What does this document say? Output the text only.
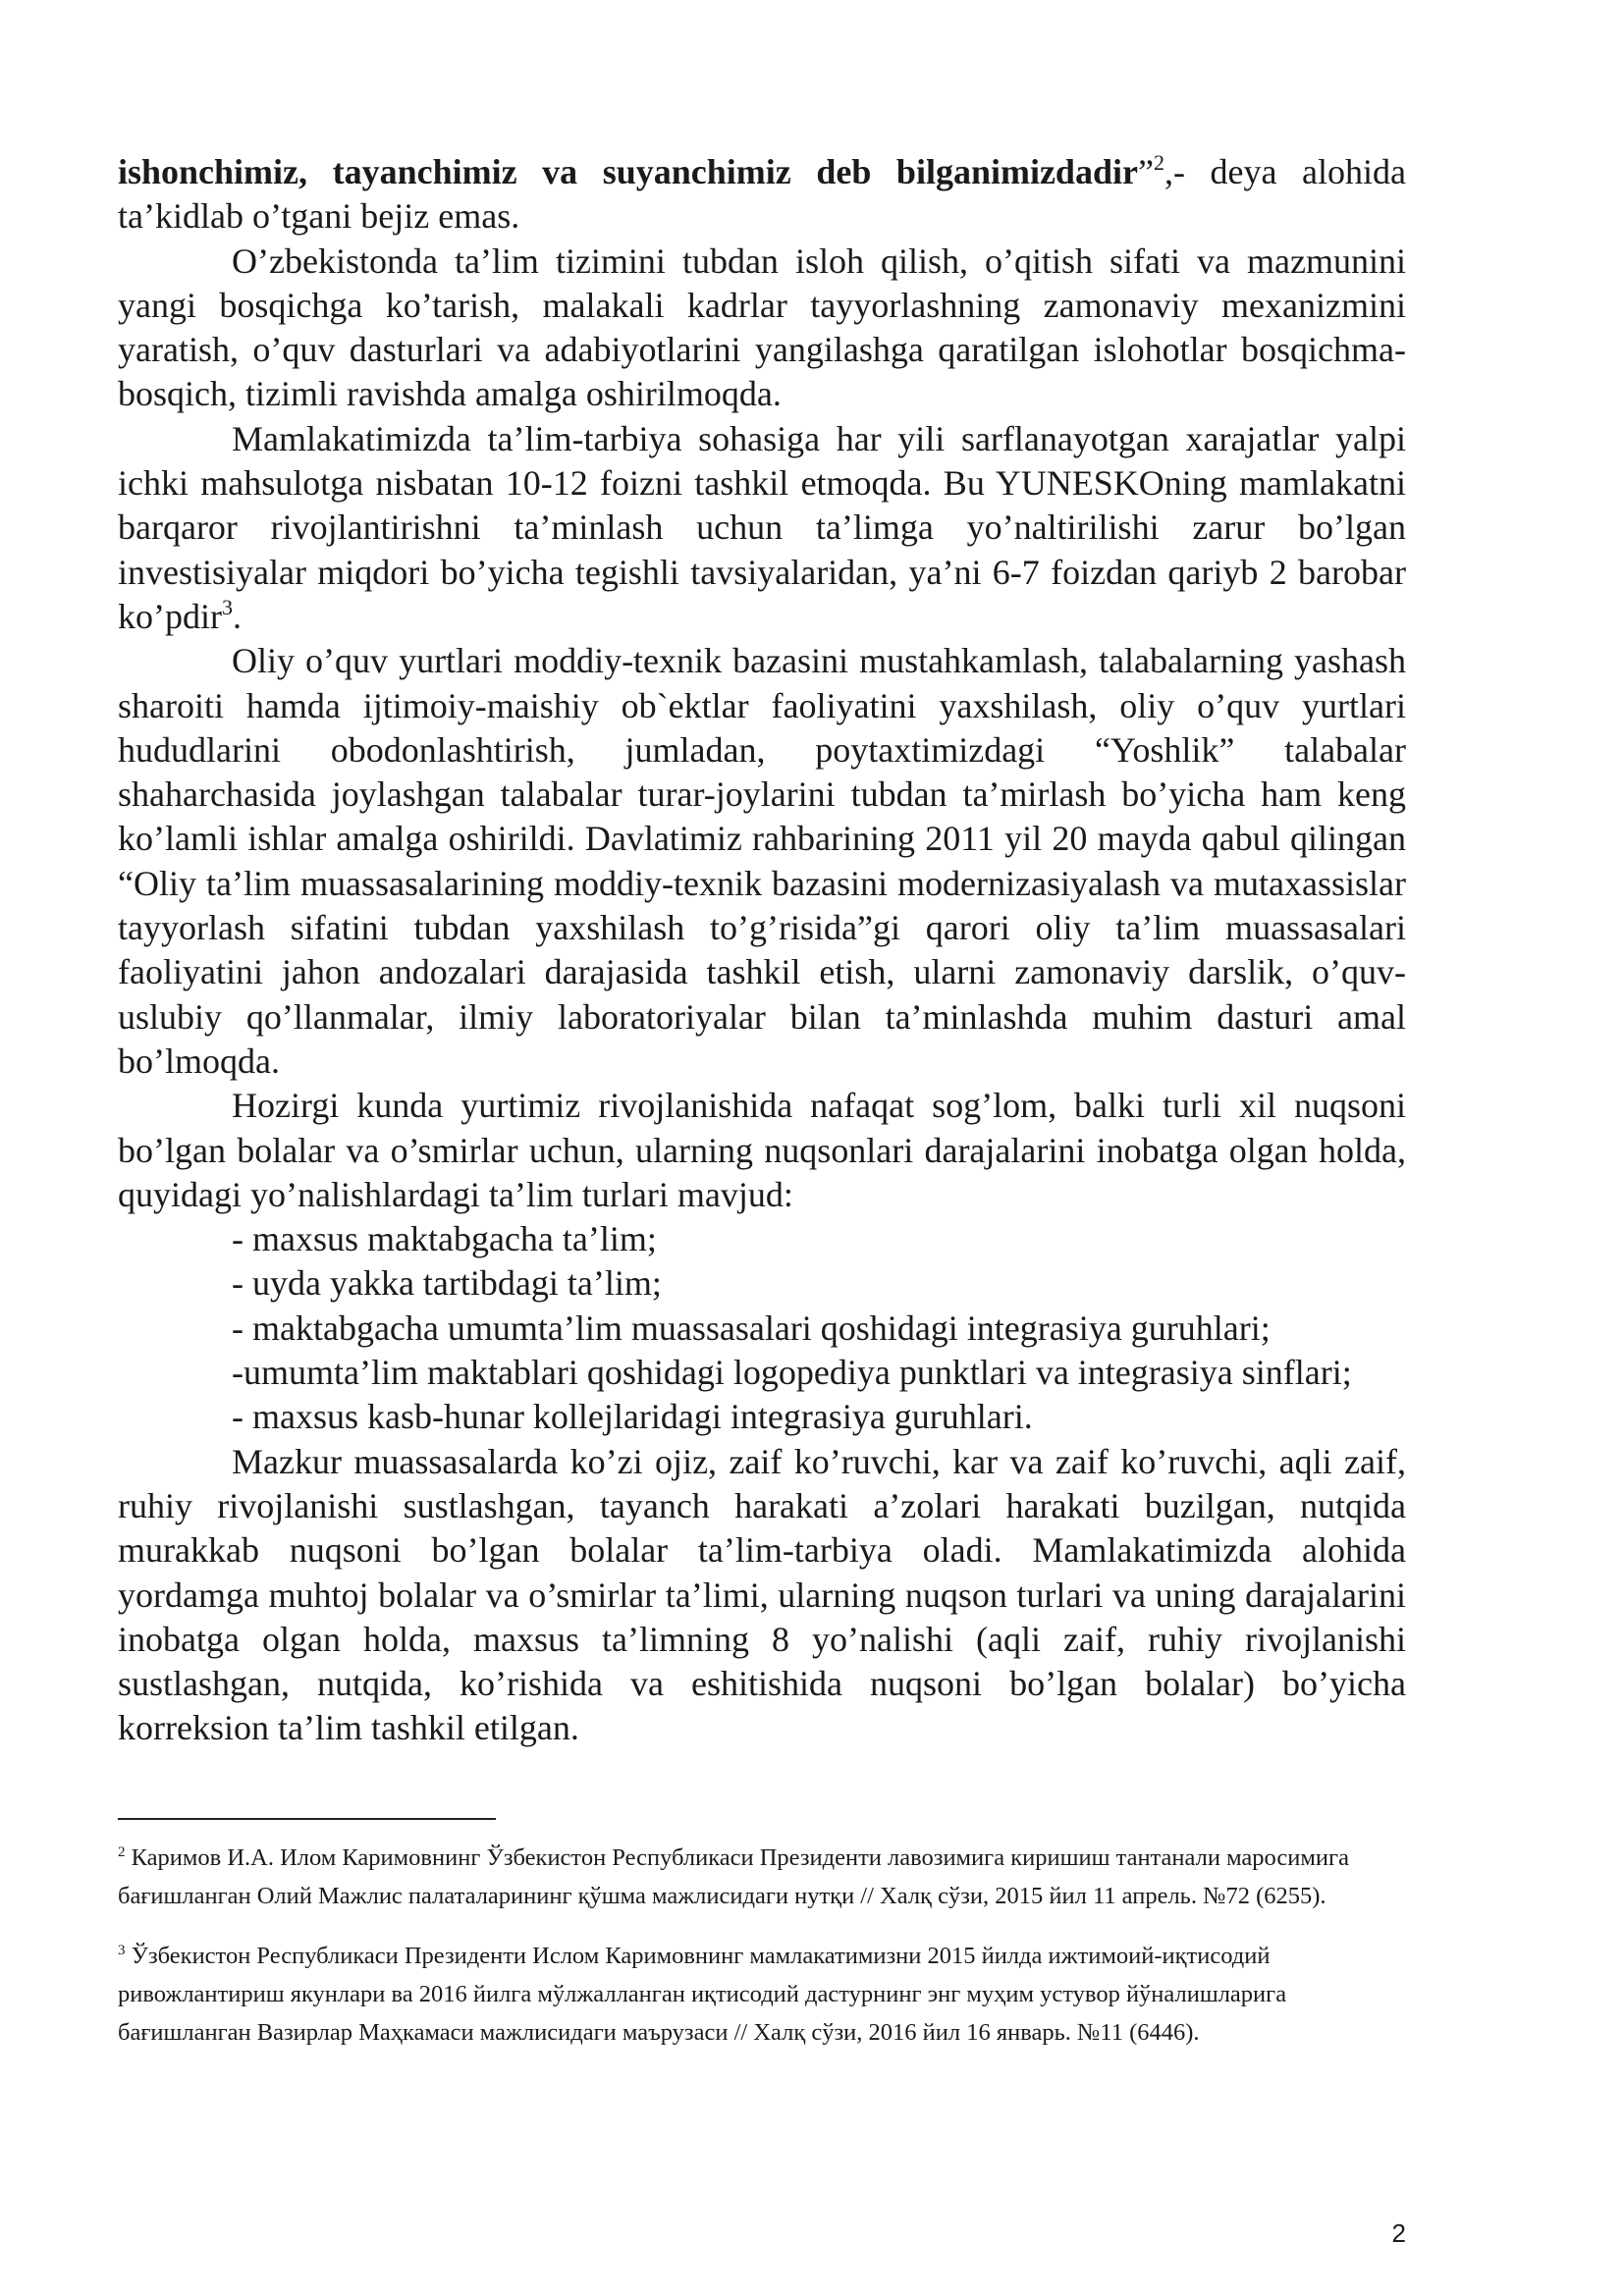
ishonchimiz, tayanchimiz va suyanchimiz deb bilganimizdadir”$^2$,- deya alohida ta’kidlab o’tgani bejiz emas.

O’zbekistonda ta’lim tizimini tubdan isloh qilish, o’qitish sifati va mazmunini yangi bosqichga ko’tarish, malakali kadrlar tayyorlashning zamonaviy mexanizmini yaratish, o’quv dasturlari va adabiyotlarini yangilashga qaratilgan islohotlar bosqichma-bosqich, tizimli ravishda amalga oshirilmoqda.

Mamlakatimizda ta’lim-tarbiya sohasiga har yili sarflanayotgan xarajatlar yalpi ichki mahsulotga nisbatan 10-12 foizni tashkil etmoqda. Bu YUNESKOning mamlakatni barqaror rivojlantirishni ta’minlash uchun ta’limga yo’naltirilishi zarur bo’lgan investisiyalar miqdori bo’yicha tegishli tavsiyalaridan, ya’ni 6-7 foizdan qariyb 2 barobar ko’pdir$^3$.

Oliy o’quv yurtlari moddiy-texnik bazasini mustahkamlash, talabalarning yashash sharoiti hamda ijtimoiy-maishiy ob`ektlar faoliyatini yaxshilash, oliy o’quv yurtlari hududlarini obodonlashtirish, jumladan, poytaxtimizdagi “Yoshlik” talabalar shaharchasida joylashgan talabalar turar-joylarini tubdan ta’mirlash bo’yicha ham keng ko’lamli ishlar amalga oshirildi. Davlatimiz rahbarining 2011 yil 20 mayda qabul qilingan “Oliy ta’lim muassasalarining moddiy-texnik bazasini modernizasiyalash va mutaxassislar tayyorlash sifatini tubdan yaxshilash to’g’risida”gi qarori oliy ta’lim muassasalari faoliyatini jahon andozalari darajasida tashkil etish, ularni zamonaviy darslik, o’quv-uslubiy qo’llanmalar, ilmiy laboratoriyalar bilan ta’minlashda muhim dasturi amal bo’lmoqda.

Hozirgi kunda yurtimiz rivojlanishida nafaqat sog’lom, balki turli xil nuqsoni bo’lgan bolalar va o’smirlar uchun, ularning nuqsonlari darajalarini inobatga olgan holda, quyidagi yo’nalishlardagi ta’lim turlari mavjud:

- maxsus maktabgacha ta’lim;

- uyda yakka tartibdagi ta’lim;

- maktabgacha umumta’lim muassasalari qoshidagi integrasiya guruhlari;

-umumta’lim maktablari qoshidagi logopediya punktlari va integrasiya sinflari;

- maxsus kasb-hunar kollejlaridagi integrasiya guruhlari.

Mazkur muassasalarda ko’zi ojiz, zaif ko’ruvchi, kar va zaif ko’ruvchi, aqli zaif, ruhiy rivojlanishi sustlashgan, tayanch harakati a’zolari harakati buzilgan, nutqida murakkab nuqsoni bo’lgan bolalar ta’lim-tarbiya oladi. Mamlakatimizda alohida yordamga muhtoj bolalar va o’smirlar ta’limi, ularning nuqson turlari va uning darajalarini inobatga olgan holda, maxsus ta’limning 8 yo’nalishi (aqli zaif, ruhiy rivojlanishi sustlashgan, nutqida, ko’rishida va eshitishida nuqsoni bo’lgan bolalar) bo’yicha korreksion ta’lim tashkil etilgan.

$^2$ Каримов И.А. Илом Каримовнинг Ўзбекистон Республикаси Президенти лавозимига киришиш тантанали маросимига бағишланган Олий Мажлис палаталарининг қўшма мажлисидаги нутқи // Халқ сўзи, 2015 йил 11 апрель. №72 (6255).

$^3$ Ўзбекистон Республикаси Президенти Ислом Каримовнинг мамлакатимизни 2015 йилда ижтимоий-иқтисодий ривожлантириш якунлари ва 2016 йилга мўлжалланган иқтисодий дастурнинг энг муҳим устувор йўналишларига бағишланган Вазирлар Маҳкамаси мажлисидаги маърузаси // Халқ сўзи, 2016 йил 16 январь. №11 (6446).

2
